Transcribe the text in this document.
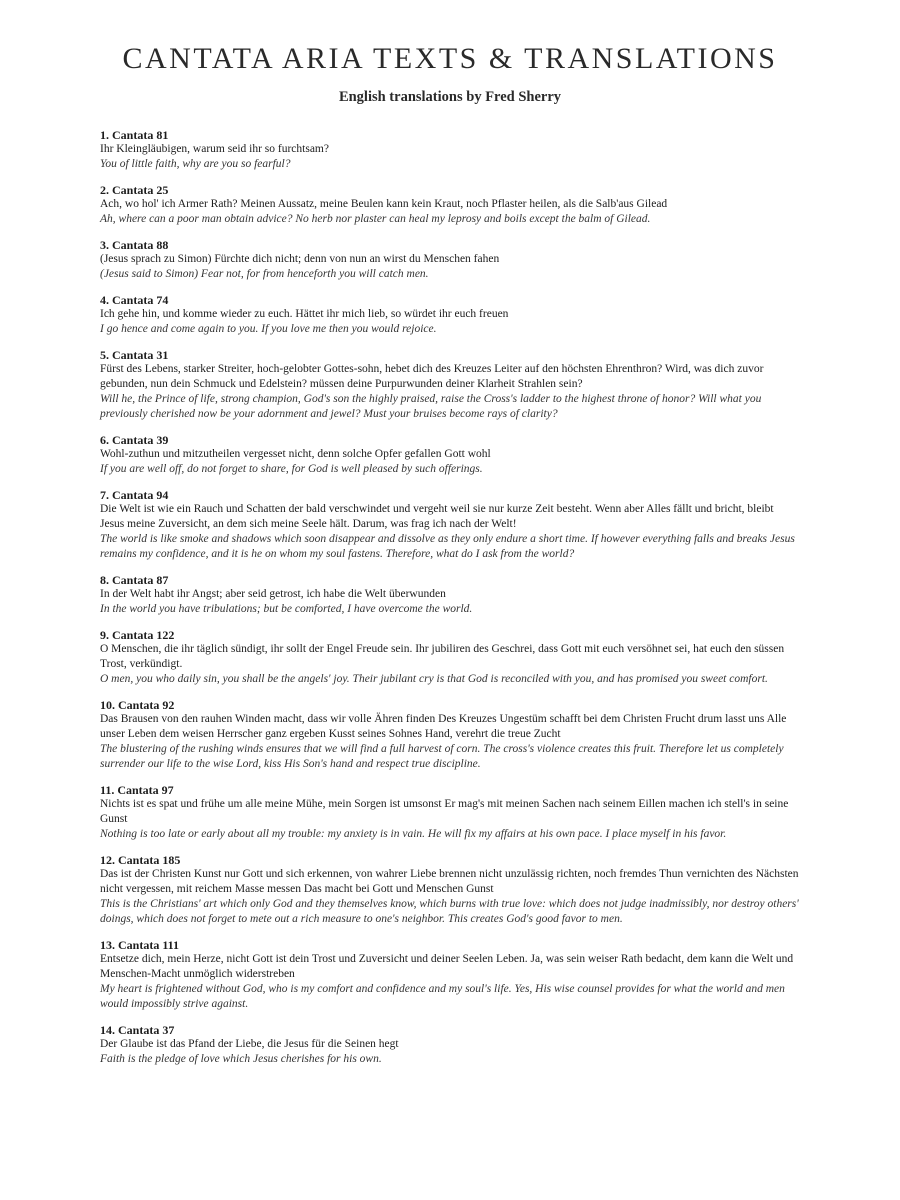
CANTATA ARIA TEXTS & TRANSLATIONS
English translations by Fred Sherry
1. Cantata 81
Ihr Kleingläubigen, warum seid ihr so furchtsam?
You of little faith, why are you so fearful?
2. Cantata 25
Ach, wo hol' ich Armer Rath? Meinen Aussatz, meine Beulen kann kein Kraut, noch Pflaster heilen, als die Salb'aus Gilead
Ah, where can a poor man obtain advice? No herb nor plaster can heal my leprosy and boils except the balm of Gilead.
3. Cantata 88
(Jesus sprach zu Simon) Fürchte dich nicht; denn von nun an wirst du Menschen fahen
(Jesus said to Simon) Fear not, for from henceforth you will catch men.
4. Cantata 74
Ich gehe hin, und komme wieder zu euch. Hättet ihr mich lieb, so würdet ihr euch freuen
I go hence and come again to you. If you love me then you would rejoice.
5. Cantata 31
Fürst des Lebens, starker Streiter, hoch-gelobter Gottes-sohn, hebet dich des Kreuzes Leiter auf den höchsten Ehrenthron? Wird, was dich zuvor gebunden, nun dein Schmuck und Edelstein? müssen deine Purpurwunden deiner Klarheit Strahlen sein?
Will he, the Prince of life, strong champion, God's son the highly praised, raise the Cross's ladder to the highest throne of honor? Will what you previously cherished now be your adornment and jewel? Must your bruises become rays of clarity?
6. Cantata 39
Wohl-zuthun und mitzutheilen vergesset nicht, denn solche Opfer gefallen Gott wohl
If you are well off, do not forget to share, for God is well pleased by such offerings.
7. Cantata 94
Die Welt ist wie ein Rauch und Schatten der bald verschwindet und vergeht weil sie nur kurze Zeit besteht. Wenn aber Alles fällt und bricht, bleibt Jesus meine Zuversicht, an dem sich meine Seele hält. Darum, was frag ich nach der Welt!
The world is like smoke and shadows which soon disappear and dissolve as they only endure a short time. If however everything falls and breaks Jesus remains my confidence, and it is he on whom my soul fastens. Therefore, what do I ask from the world?
8. Cantata 87
In der Welt habt ihr Angst; aber seid getrost, ich habe die Welt überwunden
In the world you have tribulations; but be comforted, I have overcome the world.
9. Cantata 122
O Menschen, die ihr täglich sündigt, ihr sollt der Engel Freude sein. Ihr jubiliren des Geschrei, dass Gott mit euch versöhnet sei, hat euch den süssen Trost, verkündigt.
O men, you who daily sin, you shall be the angels' joy. Their jubilant cry is that God is reconciled with you, and has promised you sweet comfort.
10. Cantata 92
Das Brausen von den rauhen Winden macht, dass wir volle Ähren finden Des Kreuzes Ungestüm schafft bei dem Christen Frucht drum lasst uns Alle unser Leben dem weisen Herrscher ganz ergeben Kusst seines Sohnes Hand, verehrt die treue Zucht
The blustering of the rushing winds ensures that we will find a full harvest of corn. The cross's violence creates this fruit. Therefore let us completely surrender our life to the wise Lord, kiss His Son's hand and respect true discipline.
11. Cantata 97
Nichts ist es spat und frühe um alle meine Mühe, mein Sorgen ist umsonst Er mag's mit meinen Sachen nach seinem Eillen machen ich stell's in seine Gunst
Nothing is too late or early about all my trouble: my anxiety is in vain. He will fix my affairs at his own pace. I place myself in his favor.
12. Cantata 185
Das ist der Christen Kunst nur Gott und sich erkennen, von wahrer Liebe brennen nicht unzulässig richten, noch fremdes Thun vernichten des Nächsten nicht vergessen, mit reichem Masse messen Das macht bei Gott und Menschen Gunst
This is the Christians' art which only God and they themselves know, which burns with true love: which does not judge inadmissibly, nor destroy others' doings, which does not forget to mete out a rich measure to one's neighbor. This creates God's good favor to men.
13. Cantata 111
Entsetze dich, mein Herze, nicht Gott ist dein Trost und Zuversicht und deiner Seelen Leben. Ja, was sein weiser Rath bedacht, dem kann die Welt und Menschen-Macht unmöglich widerstreben
My heart is frightened without God, who is my comfort and confidence and my soul's life. Yes, His wise counsel provides for what the world and men would impossibly strive against.
14. Cantata 37
Der Glaube ist das Pfand der Liebe, die Jesus für die Seinen hegt
Faith is the pledge of love which Jesus cherishes for his own.
